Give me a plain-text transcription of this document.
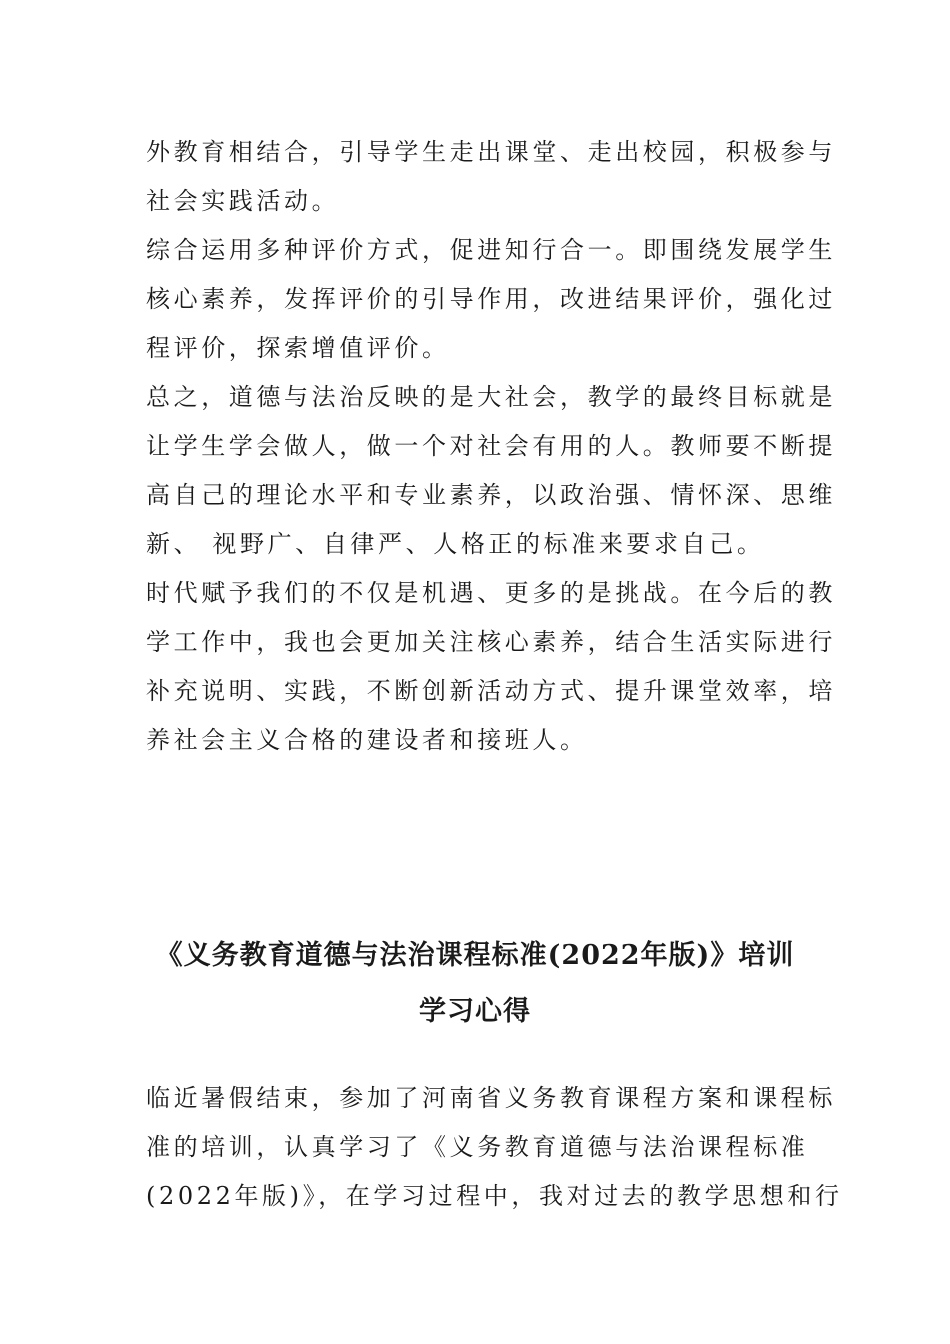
外教育相结合，引导学生走出课堂、走出校园，积极参与
社会实践活动。
综合运用多种评价方式，促进知行合一。即围绕发展学生
核心素养，发挥评价的引导作用，改进结果评价，强化过
程评价，探索增值评价。
总之，道德与法治反映的是大社会，教学的最终目标就是
让学生学会做人，做一个对社会有用的人。教师要不断提
高自己的理论水平和专业素养，以政治强、情怀深、思维
新、 视野广、自律严、人格正的标准来要求自己。
时代赋予我们的不仅是机遇、更多的是挑战。在今后的教
学工作中，我也会更加关注核心素养，结合生活实际进行
补充说明、实践，不断创新活动方式、提升课堂效率，培
养社会主义合格的建设者和接班人。
《义务教育道德与法治课程标准(2022年版)》培训
学习心得
临近暑假结束，参加了河南省义务教育课程方案和课程标
准的培训，认真学习了《义务教育道德与法治课程标准
(2022年版)》，在学习过程中，我对过去的教学思想和行
